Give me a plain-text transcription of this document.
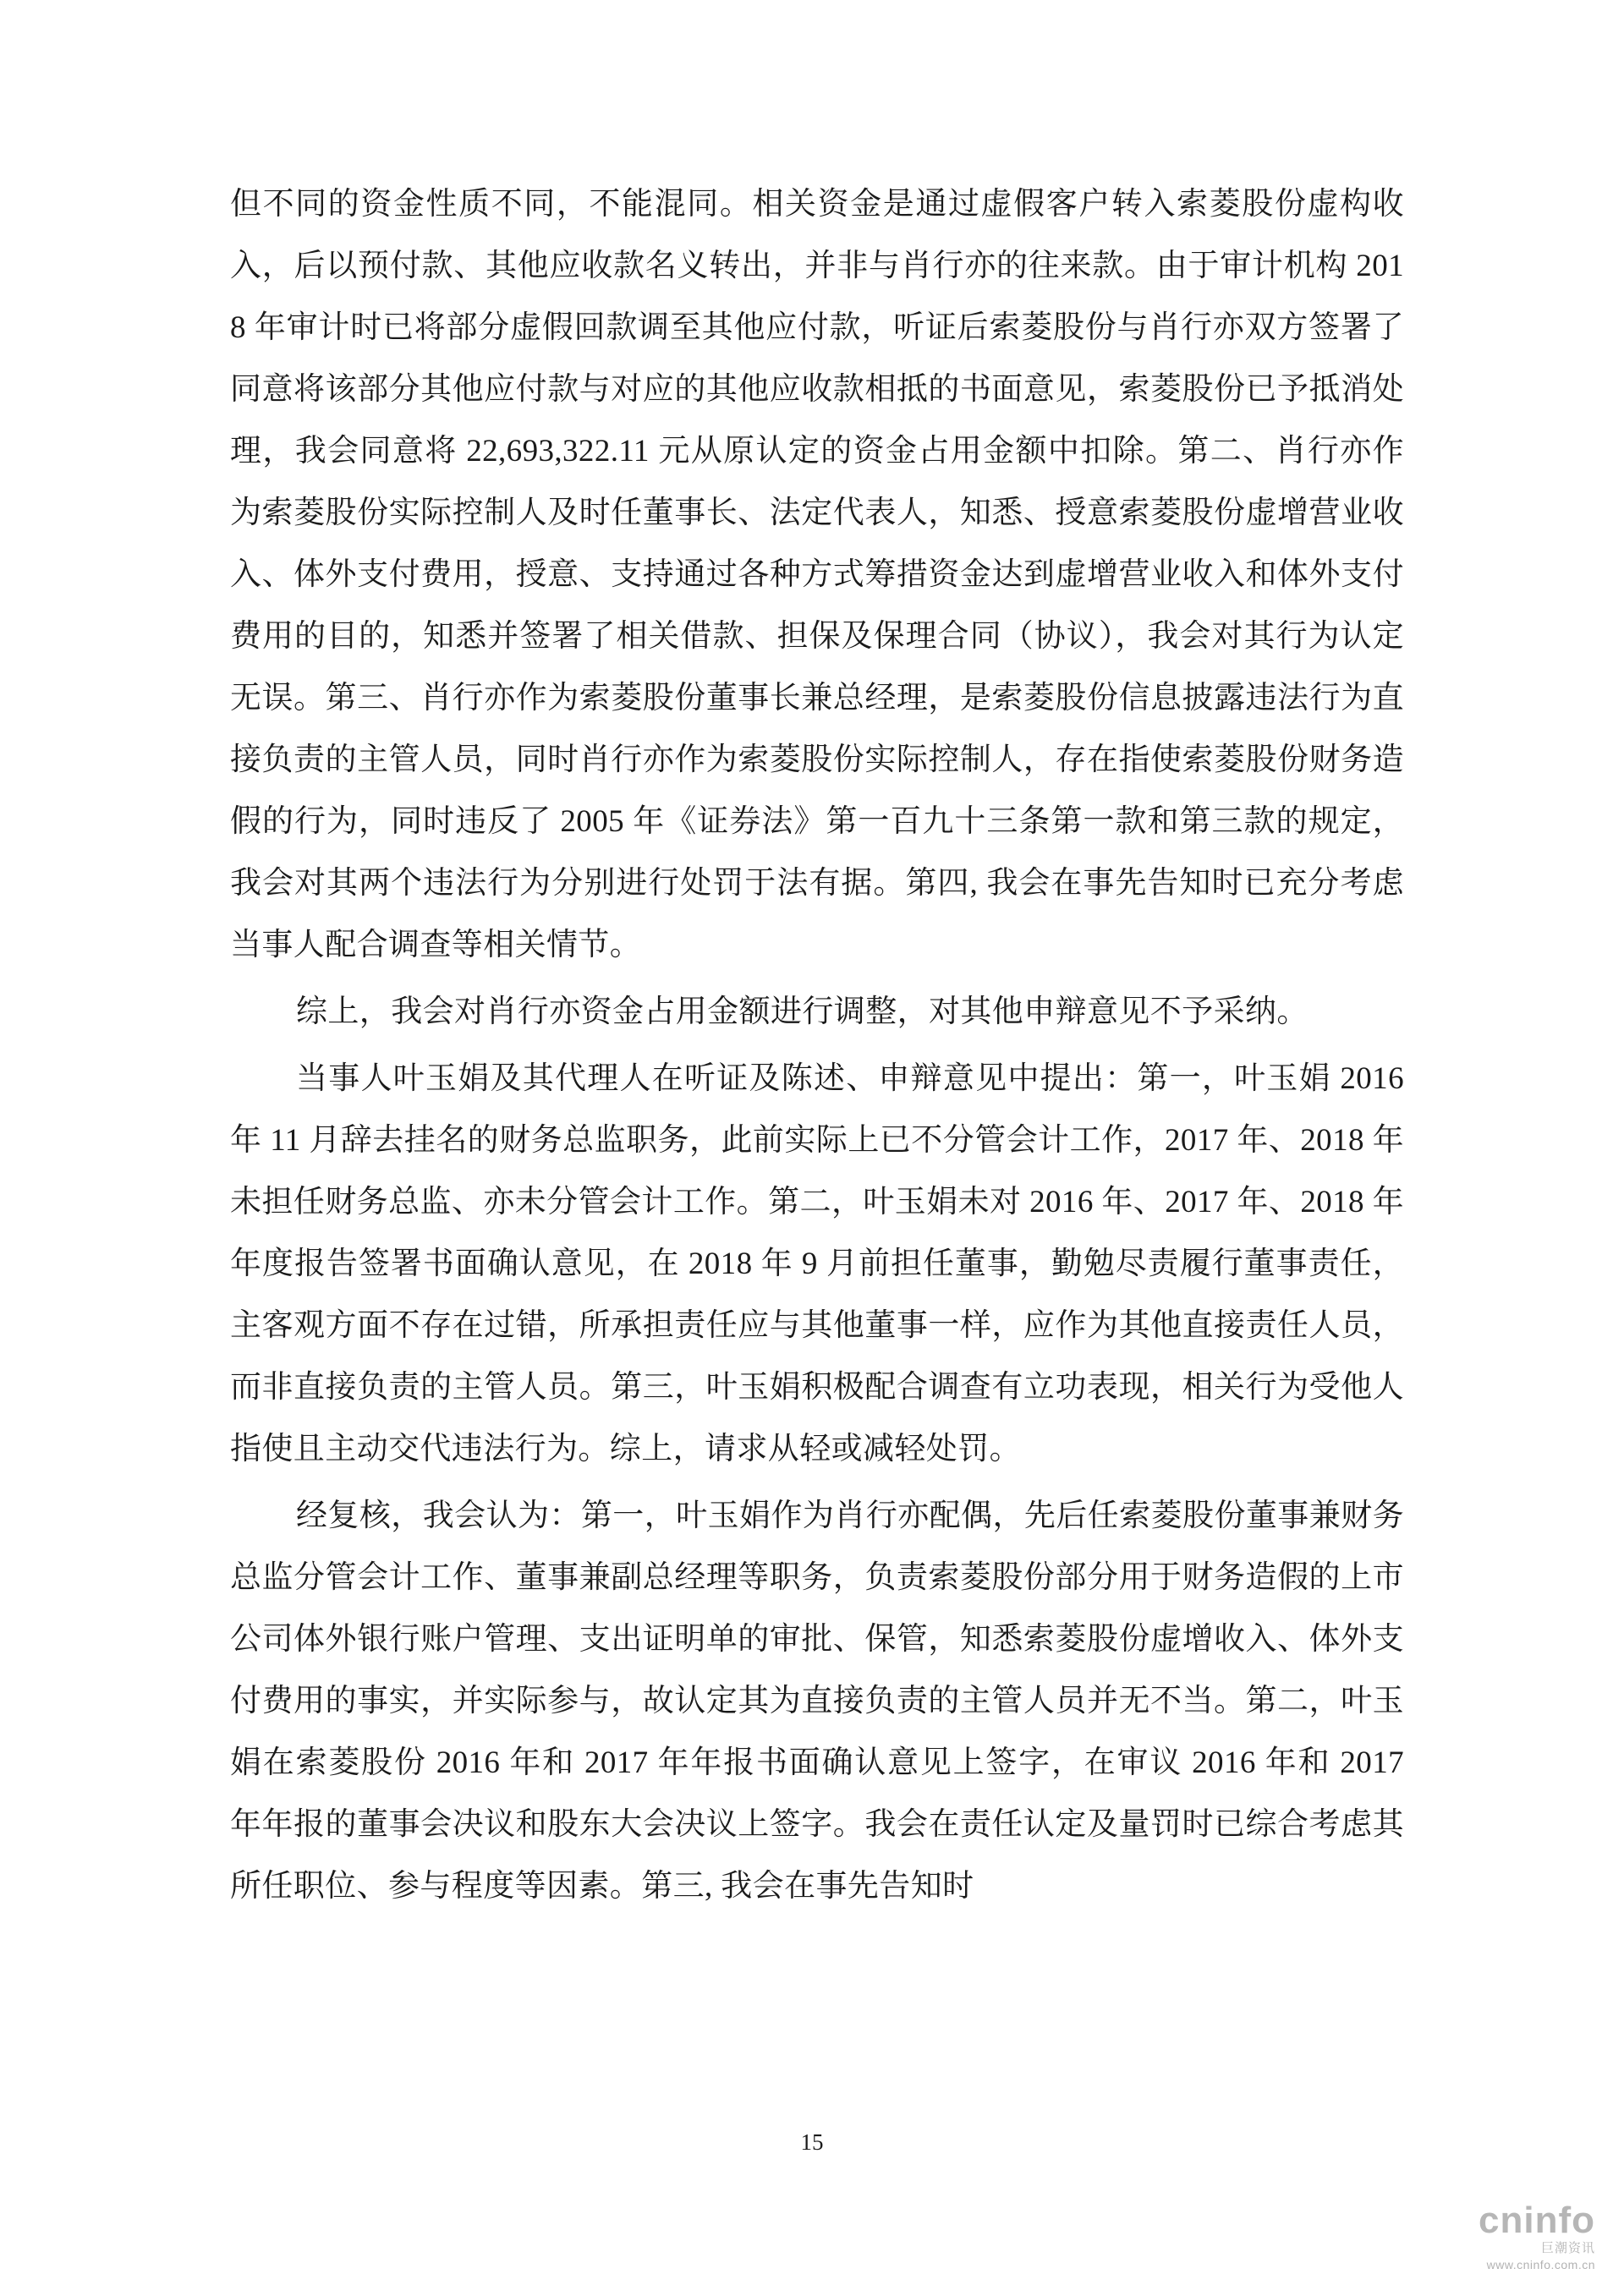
但不同的资金性质不同，不能混同。相关资金是通过虚假客户转入索菱股份虚构收入，后以预付款、其他应收款名义转出，并非与肖行亦的往来款。由于审计机构 2018 年审计时已将部分虚假回款调至其他应付款，听证后索菱股份与肖行亦双方签署了同意将该部分其他应付款与对应的其他应收款相抵的书面意见，索菱股份已予抵消处理，我会同意将 22,693,322.11 元从原认定的资金占用金额中扣除。第二、肖行亦作为索菱股份实际控制人及时任董事长、法定代表人，知悉、授意索菱股份虚增营业收入、体外支付费用，授意、支持通过各种方式筹措资金达到虚增营业收入和体外支付费用的目的，知悉并签署了相关借款、担保及保理合同（协议），我会对其行为认定无误。第三、肖行亦作为索菱股份董事长兼总经理，是索菱股份信息披露违法行为直接负责的主管人员，同时肖行亦作为索菱股份实际控制人，存在指使索菱股份财务造假的行为，同时违反了 2005 年《证券法》第一百九十三条第一款和第三款的规定，我会对其两个违法行为分别进行处罚于法有据。第四, 我会在事先告知时已充分考虑当事人配合调查等相关情节。

综上，我会对肖行亦资金占用金额进行调整，对其他申辩意见不予采纳。

当事人叶玉娟及其代理人在听证及陈述、申辩意见中提出：第一，叶玉娟 2016 年 11 月辞去挂名的财务总监职务，此前实际上已不分管会计工作，2017 年、2018 年未担任财务总监、亦未分管会计工作。第二，叶玉娟未对 2016 年、2017 年、2018 年年度报告签署书面确认意见，在 2018 年 9 月前担任董事，勤勉尽责履行董事责任，主客观方面不存在过错，所承担责任应与其他董事一样，应作为其他直接责任人员，而非直接负责的主管人员。第三，叶玉娟积极配合调查有立功表现，相关行为受他人指使且主动交代违法行为。综上，请求从轻或减轻处罚。

经复核，我会认为：第一，叶玉娟作为肖行亦配偶，先后任索菱股份董事兼财务总监分管会计工作、董事兼副总经理等职务，负责索菱股份部分用于财务造假的上市公司体外银行账户管理、支出证明单的审批、保管，知悉索菱股份虚增收入、体外支付费用的事实，并实际参与，故认定其为直接负责的主管人员并无不当。第二，叶玉娟在索菱股份 2016 年和 2017 年年报书面确认意见上签字，在审议 2016 年和 2017 年年报的董事会决议和股东大会决议上签字。我会在责任认定及量罚时已综合考虑其所任职位、参与程度等因素。第三, 我会在事先告知时

15
cninfo
巨潮资讯
www.cninfo.com.cn
